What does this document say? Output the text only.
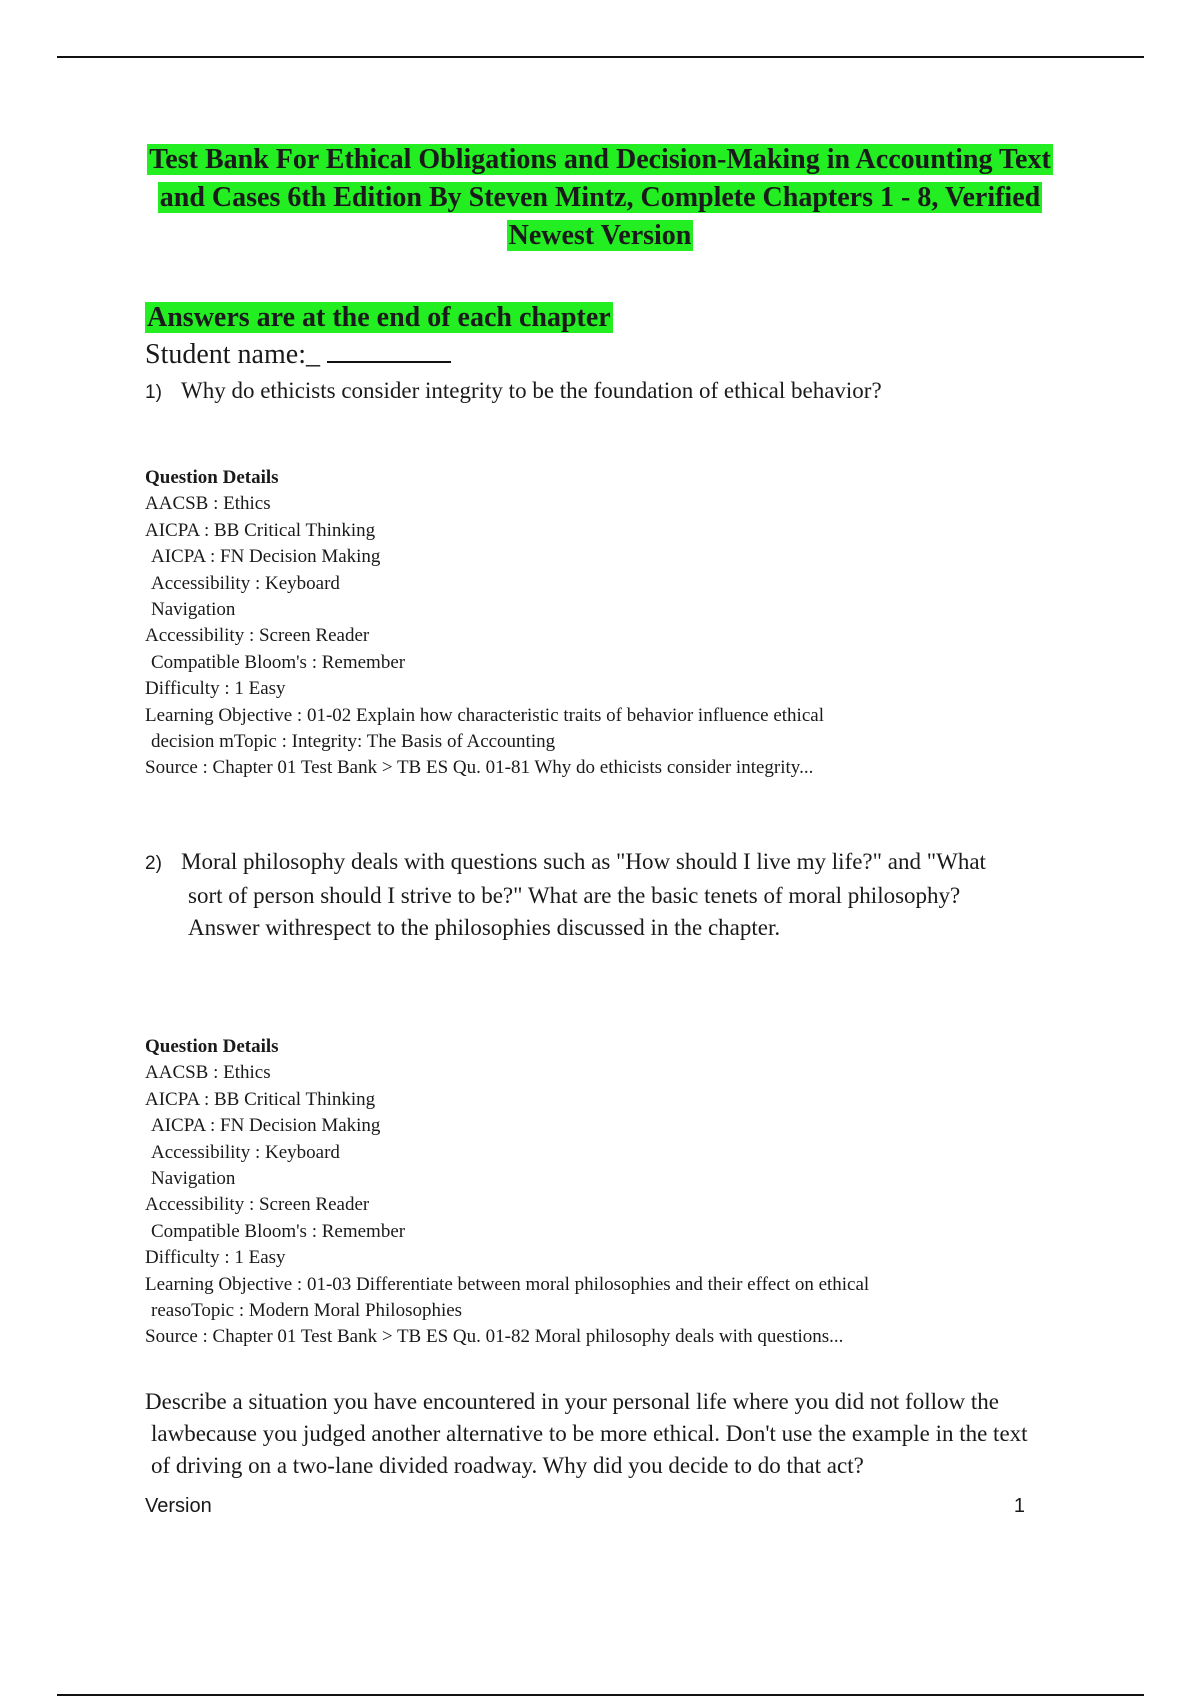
Test Bank For Ethical Obligations and Decision-Making in Accounting Text
and Cases 6th Edition By Steven Mintz, Complete Chapters 1 - 8, Verified
Newest Version
Answers are at the end of each chapter
Student name:_
1) Why do ethicists consider integrity to be the foundation of ethical behavior?
Question Details
AACSB : Ethics
AICPA : BB Critical Thinking
AICPA : FN Decision Making
Accessibility : Keyboard
Navigation
Accessibility : Screen Reader
Compatible Bloom's : Remember
Difficulty : 1 Easy
Learning Objective : 01-02 Explain how characteristic traits of behavior influence ethical
decision mTopic : Integrity: The Basis of Accounting
Source : Chapter 01 Test Bank > TB ES Qu. 01-81 Why do ethicists consider integrity...
2) Moral philosophy deals with questions such as "How should I live my life?" and "What
sort of person should I strive to be?" What are the basic tenets of moral philosophy?
Answer withrespect to the philosophies discussed in the chapter.
Question Details
AACSB : Ethics
AICPA : BB Critical Thinking
AICPA : FN Decision Making
Accessibility : Keyboard
Navigation
Accessibility : Screen Reader
Compatible Bloom's : Remember
Difficulty : 1 Easy
Learning Objective : 01-03 Differentiate between moral philosophies and their effect on ethical
reasoTopic : Modern Moral Philosophies
Source : Chapter 01 Test Bank > TB ES Qu. 01-82 Moral philosophy deals with questions...
Describe a situation you have encountered in your personal life where you did not follow the
lawbecause you judged another alternative to be more ethical. Don't use the example in the text
of driving on a two-lane divided roadway. Why did you decide to do that act?
Version	1
